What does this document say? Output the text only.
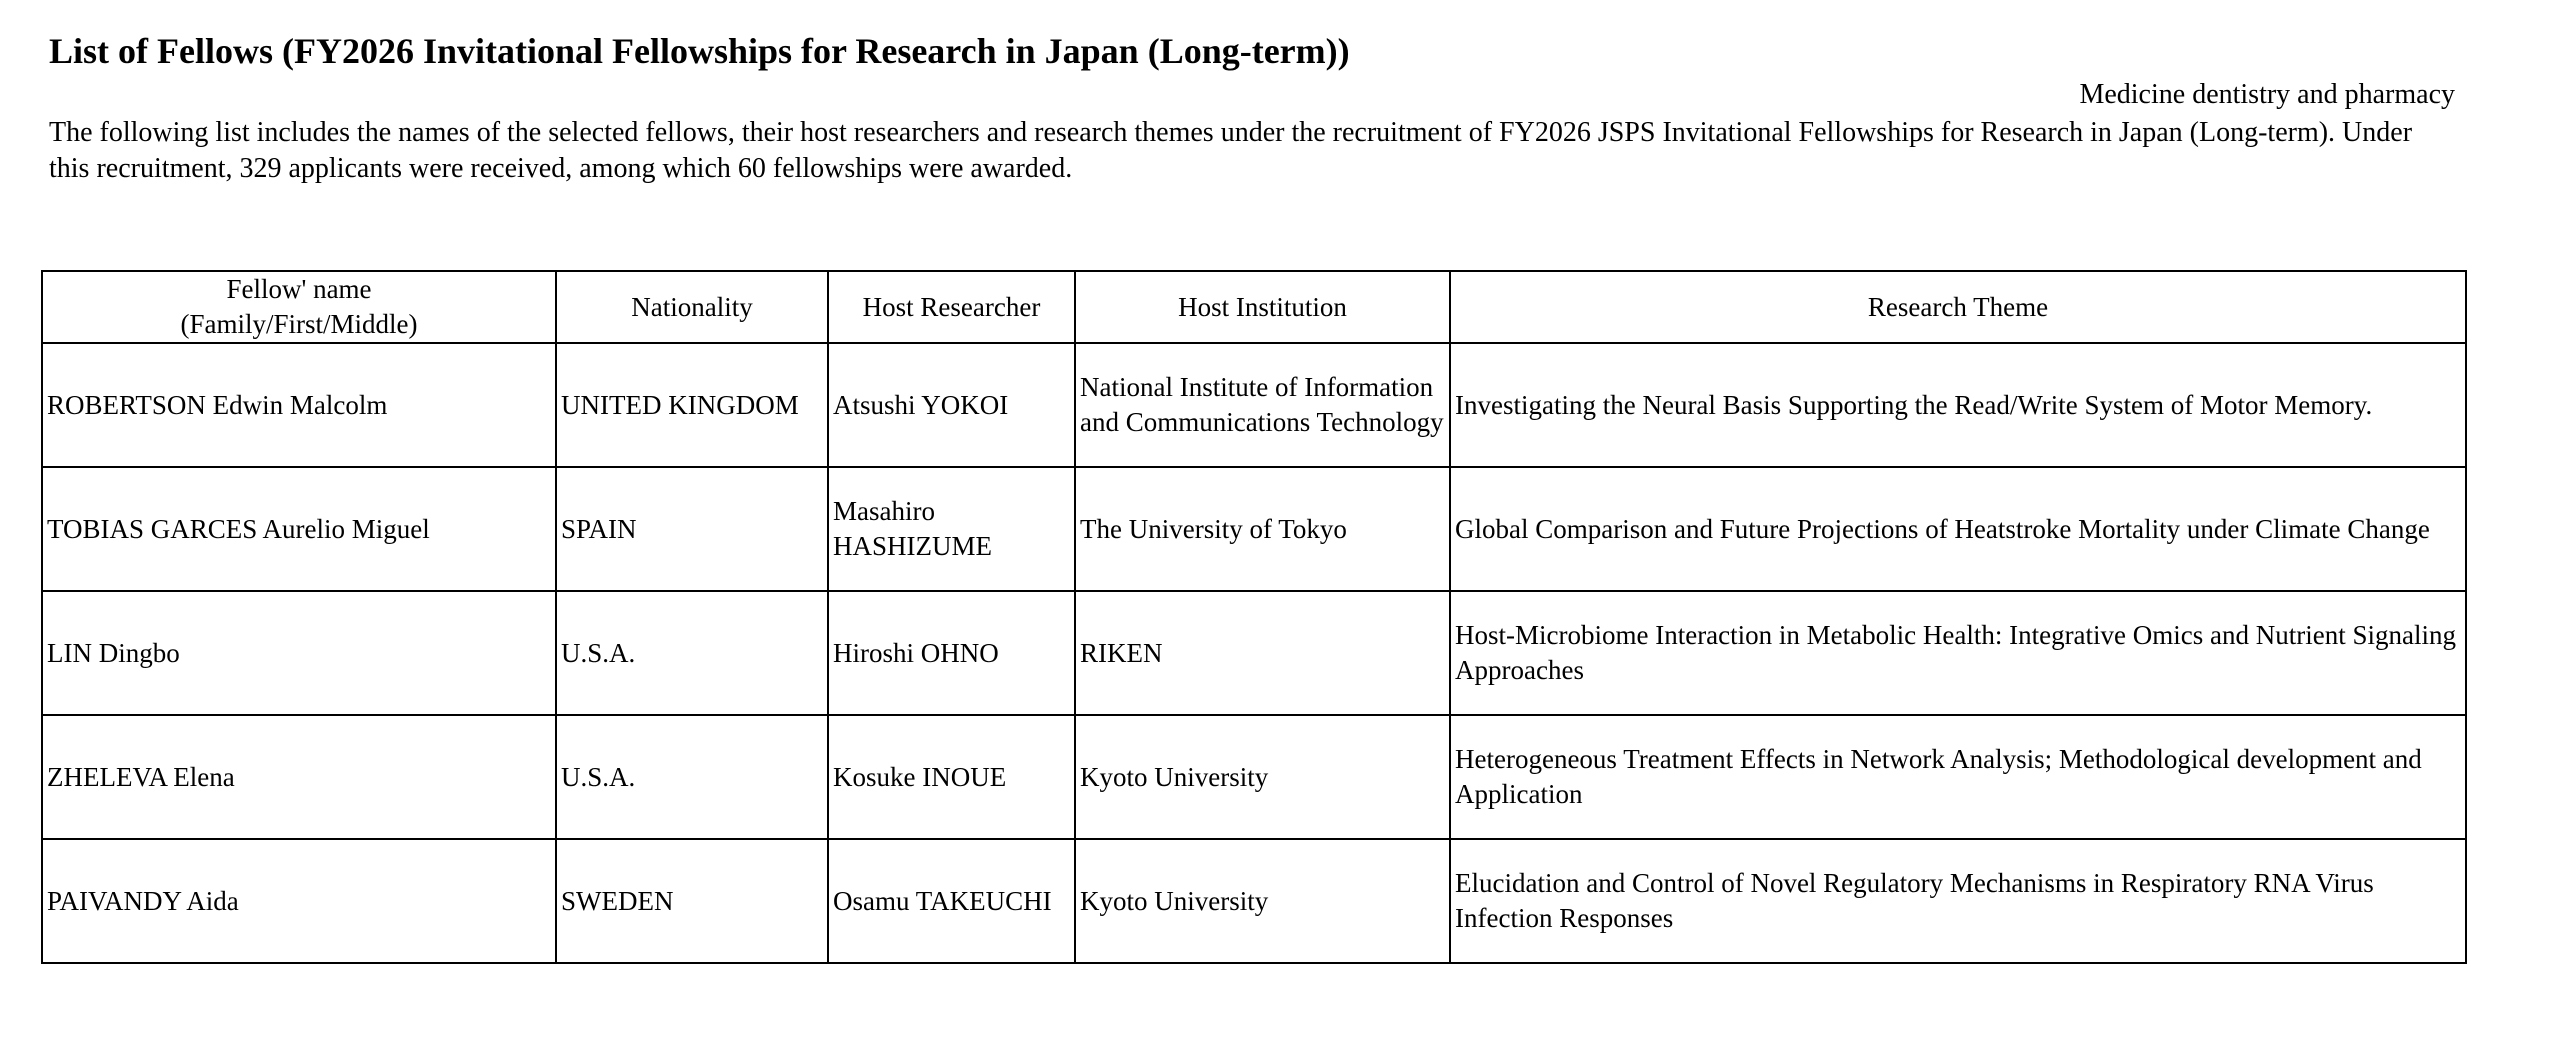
List of Fellows (FY2026 Invitational Fellowships for Research in Japan (Long-term))
Medicine dentistry and pharmacy

The following list includes the names of the selected fellows, their host researchers and research themes under the recruitment of FY2026 JSPS Invitational Fellowships for Research in Japan (Long-term). Under this recruitment, 329 applicants were received, among which 60 fellowships were awarded.

Fellow' name
(Family/First/Middle)	Nationality	Host Researcher	Host Institution	Research Theme
ROBERTSON Edwin Malcolm	UNITED KINGDOM	Atsushi YOKOI	National Institute of Information and Communications Technology	Investigating the Neural Basis Supporting the Read/Write System of Motor Memory.
TOBIAS GARCES Aurelio Miguel	SPAIN	Masahiro HASHIZUME	The University of Tokyo	Global Comparison and Future Projections of Heatstroke Mortality under Climate Change
LIN Dingbo	U.S.A.	Hiroshi OHNO	RIKEN	Host-Microbiome Interaction in Metabolic Health: Integrative Omics and Nutrient Signaling Approaches
ZHELEVA Elena	U.S.A.	Kosuke INOUE	Kyoto University	Heterogeneous Treatment Effects in Network Analysis; Methodological development and Application
PAIVANDY Aida	SWEDEN	Osamu TAKEUCHI	Kyoto University	Elucidation and Control of Novel Regulatory Mechanisms in Respiratory RNA Virus Infection Responses
